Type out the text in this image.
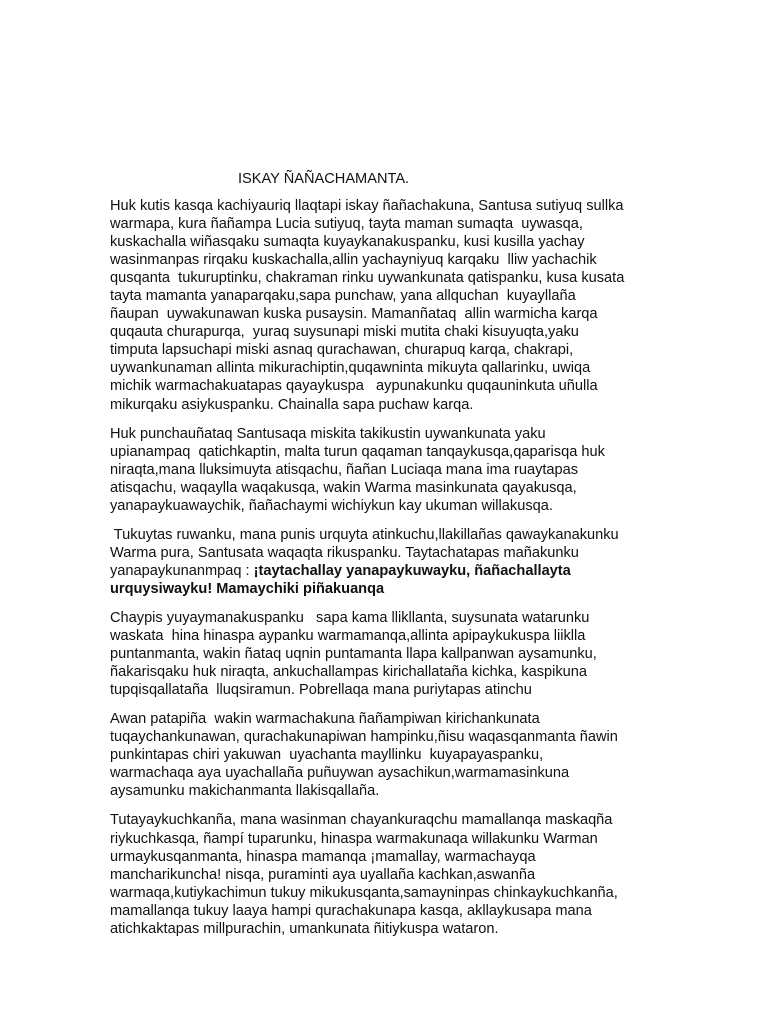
ISKAY ÑAÑACHAMANTA.

Huk kutis kasqa kachiyauriq llaqtapi iskay ñañachakuna, Santusa sutiyuq sullka
warmapa, kura ñañampa Lucia sutiyuq, tayta maman sumaqta  uywasqa,
kuskachalla wiñasqaku sumaqta kuyaykanakuspanku, kusi kusilla yachay
wasinmanpas rirqaku kuskachalla,allin yachayniyuq karqaku  lliw yachachik
qusqanta  tukuruptinku, chakraman rinku uywankunata qatispanku, kusa kusata
tayta mamanta yanaparqaku,sapa punchaw, yana allquchan  kuyayllaña
ñaupan  uywakunawan kuska pusaysin. Mamanñataq  allin warmicha karqa
quqauta churapurqa,  yuraq suysunapi miski mutita chaki kisuyuqta,yaku
timputa lapsuchapi miski asnaq qurachawan, churapuq karqa, chakrapi,
uywankunaman allinta mikurachiptin,quqawninta mikuyta qallarinku, uwiqa
michik warmachakuatapas qayaykuspa   aypunakunku quqauninkuta uñulla
mikurqaku asiykuspanku. Chainalla sapa puchaw karqa.

Huk punchauñataq Santusaqa miskita takikustin uywankunata yaku
upianampaq  qatichkaptin, malta turun qaqaman tanqaykusqa,qaparisqa huk
niraqta,mana lluksimuyta atisqachu, ñañan Luciaqa mana ima ruaytapas
atisqachu, waqaylla waqakusqa, wakin Warma masinkunata qayakusqa,
yanapaykuawaychik, ñañachaymi wichiykun kay ukuman willakusqa.

Tukuytas ruwanku, mana punis urquyta atinkuchu,llakillañas qawaykanakunku
Warma pura, Santusata waqaqta rikuspanku. Taytachatapas mañakunku
yanapaykunanmpaq : ¡taytachallay yanapaykuwayku, ñañachallayta
urquysiwayku! Mamaychiki piñakuanqa

Chaypis yuyaymanakuspanku   sapa kama llikllanta, suysunata watarunku
waskata  hina hinaspa aypanku warmamanqa,allinta apipaykukuspa liiklla
puntanmanta, wakin ñataq uqnin puntamanta llapa kallpanwan aysamunku,
ñakarisqaku huk niraqta, ankuchallampas kirichallataña kichka, kaspikuna
tupqisqallataña  lluqsiramun. Pobrellaqa mana puriytapas atinchu

Awan patapiña  wakin warmachakuna ñañampiwan kirichankunata
tuqaychankunawan, qurachakunapiwan hampinku,ñisu waqasqanmanta ñawin
punkintapas chiri yakuwan  uyachanta mayllinku  kuyapayaspanku,
warmachaqa aya uyachallaña puñuywan aysachikun,warmamasinkuna
aysamunku makichanmanta llakisqallaña.

Tutayaykuchkanña, mana wasinman chayankuraqchu mamallanqa maskaqña
riykuchkasqa, ñampí tuparunku, hinaspa warmakunaqa willakunku Warman
urmaykusqanmanta, hinaspa mamanqa ¡mamallay, warmachayqa
mancharikuncha! nisqa, puraminti aya uyallaña kachkan,aswanña
warmaqa,kutiykachimun tukuy mikukusqanta,samayninpas chinkaykuchkanña,
mamallanqa tukuy laaya hampi qurachakunapa kasqa, akllaykusapa mana
atichkaktapas millpurachin, umankunata ñitiykuspa wataron.
